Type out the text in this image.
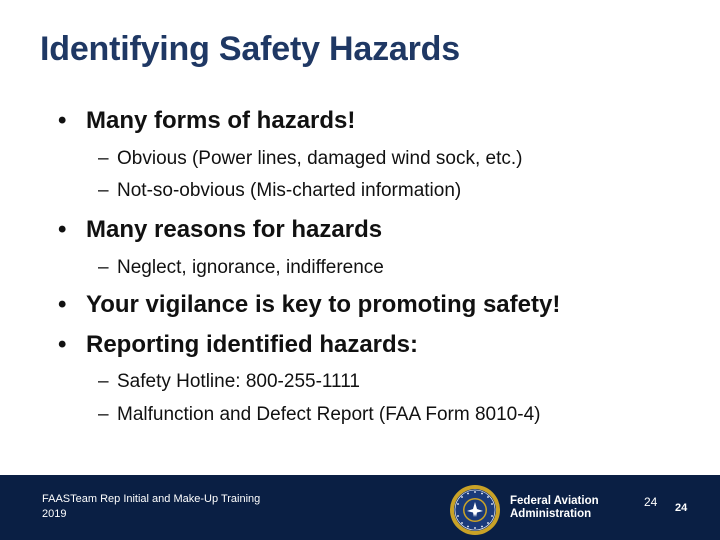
Identifying Safety Hazards
• Many forms of hazards!
– Obvious (Power lines, damaged wind sock, etc.)
– Not-so-obvious (Mis-charted information)
• Many reasons for hazards
– Neglect, ignorance, indifference
• Your vigilance is key to promoting safety!
• Reporting identified hazards:
– Safety Hotline: 800-255-1111
– Malfunction and Defect Report (FAA Form 8010-4)
FAASTeam Rep Initial and Make-Up Training
2019
Federal Aviation
Administration
24 24
